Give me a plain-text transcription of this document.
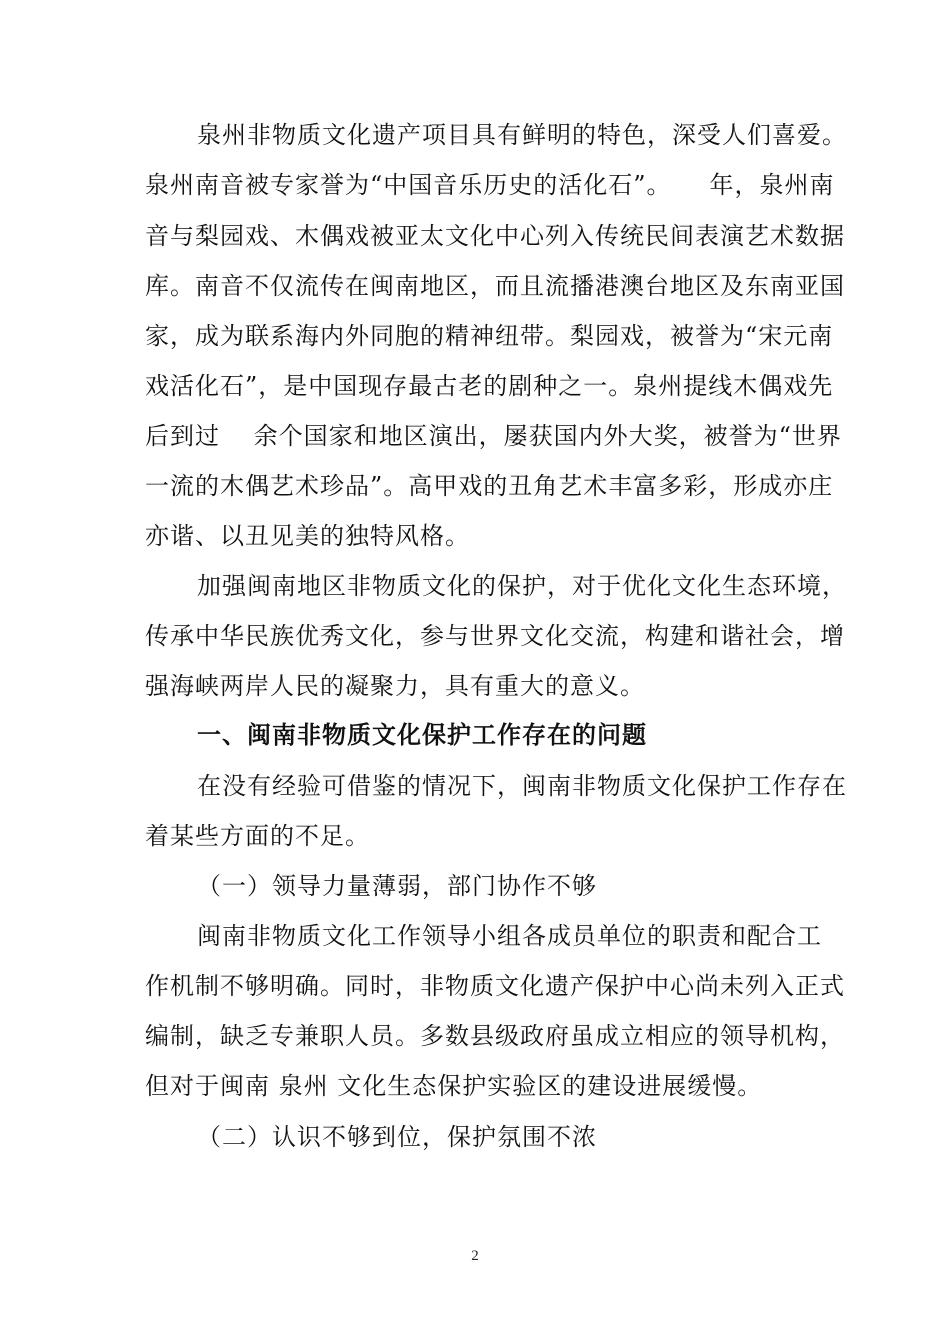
泉州非物质文化遗产项目具有鲜明的特色，深受人们喜爱。
泉州南音被专家誉为“中国音乐历史的活化石”。　　年，泉州南
音与梨园戏、木偶戏被亚太文化中心列入传统民间表演艺术数据
库。南音不仅流传在闽南地区，而且流播港澳台地区及东南亚国
家，成为联系海内外同胞的精神纽带。梨园戏，被誉为“宋元南
戏活化石”，是中国现存最古老的剧种之一。泉州提线木偶戏先
后到过　 余个国家和地区演出，屡获国内外大奖，被誉为“世界
一流的木偶艺术珍品”。高甲戏的丑角艺术丰富多彩，形成亦庄
亦谐、以丑见美的独特风格。
加强闽南地区非物质文化的保护，对于优化文化生态环境，
传承中华民族优秀文化，参与世界文化交流，构建和谐社会，增
强海峡两岸人民的凝聚力，具有重大的意义。
一、闽南非物质文化保护工作存在的问题
在没有经验可借鉴的情况下，闽南非物质文化保护工作存在
着某些方面的不足。
（一）领导力量薄弱，部门协作不够
闽南非物质文化工作领导小组各成员单位的职责和配合工
作机制不够明确。同时，非物质文化遗产保护中心尚未列入正式
编制，缺乏专兼职人员。多数县级政府虽成立相应的领导机构，
但对于闽南 泉州 文化生态保护实验区的建设进展缓慢。
（二）认识不够到位，保护氛围不浓
2
